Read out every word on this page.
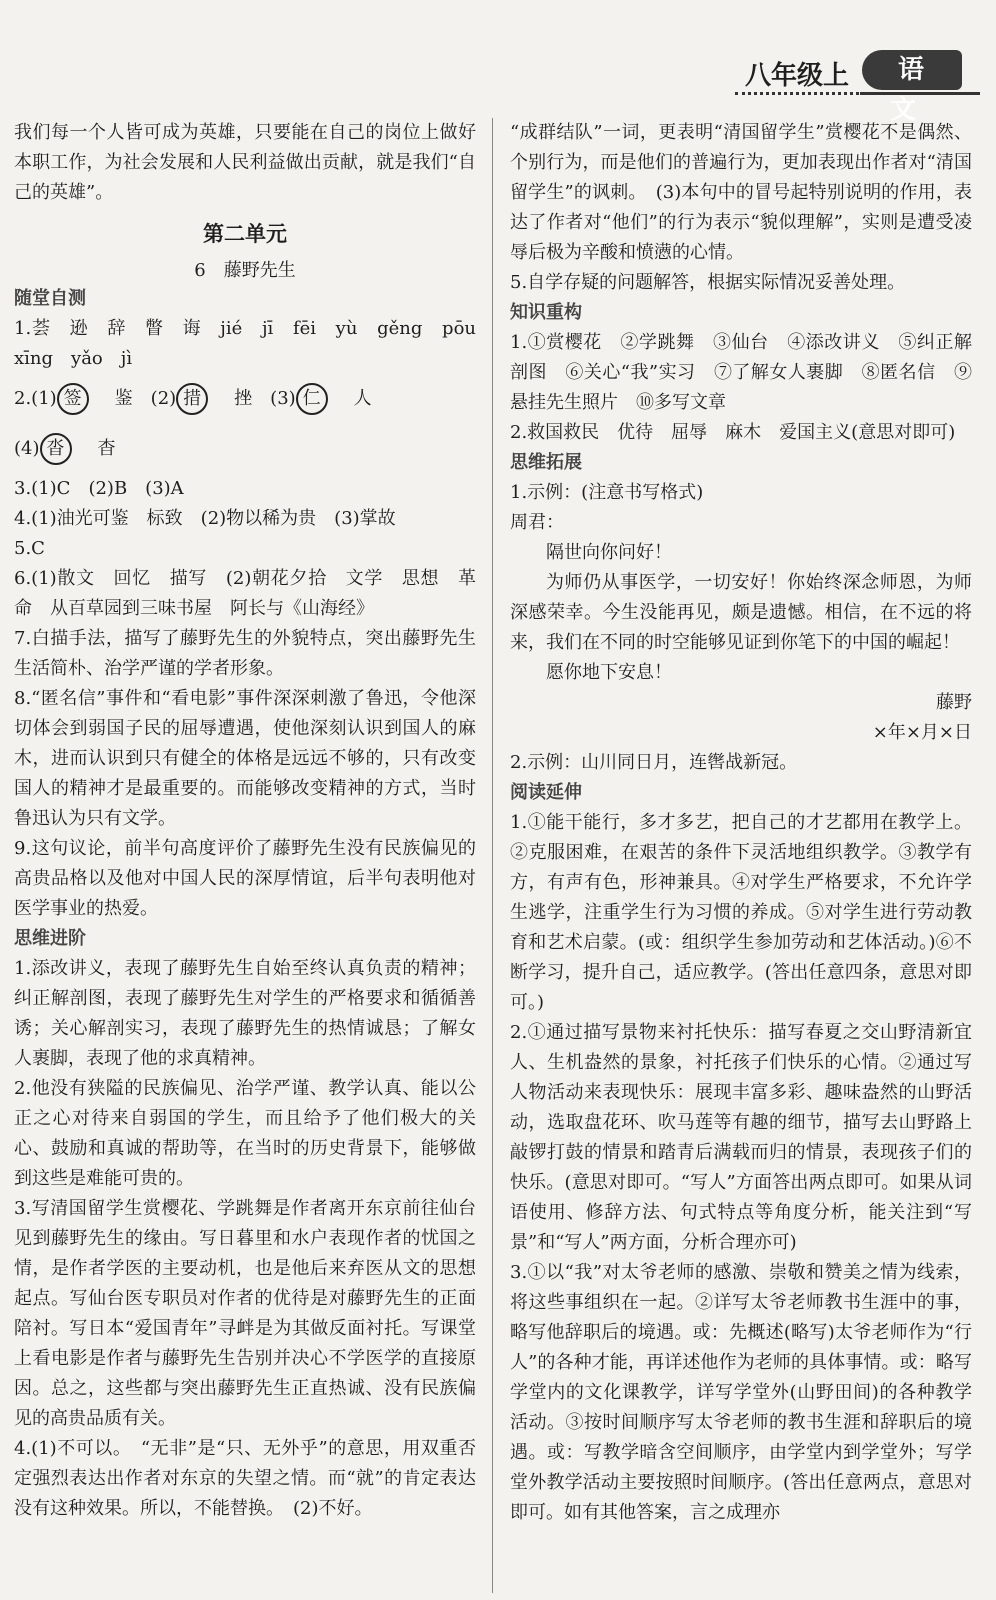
八年级上	语 文

我们每一个人皆可成为英雄，只要能在自己的岗位上做好本职工作，为社会发展和人民利益做出贡献，就是我们“自己的英雄”。

第二单元
6　藤野先生
随堂自测

1.荟　逊　辞　瞥　诲　jié　jī　fēi　yù　gěng　pōu xīng　yǎo　jì

2.(1) 签 鉴　(2) 措 挫　(3) 仁 人

(4) 沓 杳

3.(1)C　(2)B　(3)A

4.(1)油光可鉴　标致　(2)物以稀为贵　(3)掌故

5.C

6.(1)散文　回忆　描写　(2)朝花夕拾　文学　思想　革命　从百草园到三味书屋　阿长与《山海经》

7.白描手法，描写了藤野先生的外貌特点，突出藤野先生生活简朴、治学严谨的学者形象。

8.“匿名信”事件和“看电影”事件深深刺激了鲁迅，令他深切体会到弱国子民的屈辱遭遇，使他深刻认识到国人的麻木，进而认识到只有健全的体格是远远不够的，只有改变国人的精神才是最重要的。而能够改变精神的方式，当时鲁迅认为只有文学。

9.这句议论，前半句高度评价了藤野先生没有民族偏见的高贵品格以及他对中国人民的深厚情谊，后半句表明他对医学事业的热爱。

思维进阶

1.添改讲义，表现了藤野先生自始至终认真负责的精神；纠正解剖图，表现了藤野先生对学生的严格要求和循循善诱；关心解剖实习，表现了藤野先生的热情诚恳；了解女人裹脚，表现了他的求真精神。

2.他没有狭隘的民族偏见、治学严谨、教学认真、能以公正之心对待来自弱国的学生，而且给予了他们极大的关心、鼓励和真诚的帮助等，在当时的历史背景下，能够做到这些是难能可贵的。

3.写清国留学生赏樱花、学跳舞是作者离开东京前往仙台见到藤野先生的缘由。写日暮里和水户表现作者的忧国之情，是作者学医的主要动机，也是他后来弃医从文的思想起点。写仙台医专职员对作者的优待是对藤野先生的正面陪衬。写日本“爱国青年”寻衅是为其做反面衬托。写课堂上看电影是作者与藤野先生告别并决心不学医学的直接原因。总之，这些都与突出藤野先生正直热诚、没有民族偏见的高贵品质有关。

4.(1)不可以。　“无非”是“只、无外乎”的意思，用双重否定强烈表达出作者对东京的失望之情。而“就”的肯定表达没有这种效果。所以，不能替换。　(2)不好。

“成群结队”一词，更表明“清国留学生”赏樱花不是偶然、个别行为，而是他们的普遍行为，更加表现出作者对“清国留学生”的讽刺。　(3)本句中的冒号起特别说明的作用，表达了作者对“他们”的行为表示“貌似理解”，实则是遭受凌辱后极为辛酸和愤懑的心情。

5.自学存疑的问题解答，根据实际情况妥善处理。

知识重构

1.①赏樱花　②学跳舞　③仙台　④添改讲义　⑤纠正解剖图　⑥关心“我”实习　⑦了解女人裹脚　⑧匿名信　⑨悬挂先生照片　⑩多写文章

2.救国救民　优待　屈辱　麻木　爱国主义(意思对即可)

思维拓展

1.示例：(注意书写格式)

周君：

隔世向你问好！

为师仍从事医学，一切安好！你始终深念师恩，为师深感荣幸。今生没能再见，颇是遗憾。相信，在不远的将来，我们在不同的时空能够见证到你笔下的中国的崛起！

愿你地下安息！

藤野

×年×月×日

2.示例：山川同日月，连辔战新冠。

阅读延伸

1.①能干能行，多才多艺，把自己的才艺都用在教学上。②克服困难，在艰苦的条件下灵活地组织教学。③教学有方，有声有色，形神兼具。④对学生严格要求，不允许学生逃学，注重学生行为习惯的养成。⑤对学生进行劳动教育和艺术启蒙。(或：组织学生参加劳动和艺体活动。)⑥不断学习，提升自己，适应教学。(答出任意四条，意思对即可。)

2.①通过描写景物来衬托快乐：描写春夏之交山野清新宜人、生机盎然的景象，衬托孩子们快乐的心情。②通过写人物活动来表现快乐：展现丰富多彩、趣味盎然的山野活动，选取盘花环、吹马莲等有趣的细节，描写去山野路上敲锣打鼓的情景和踏青后满载而归的情景，表现孩子们的快乐。(意思对即可。“写人”方面答出两点即可。如果从词语使用、修辞方法、句式特点等角度分析，能关注到“写景”和“写人”两方面，分析合理亦可)

3.①以“我”对太爷老师的感激、崇敬和赞美之情为线索，将这些事组织在一起。②详写太爷老师教书生涯中的事，略写他辞职后的境遇。或：先概述(略写)太爷老师作为“行人”的各种才能，再详述他作为老师的具体事情。或：略写学堂内的文化课教学，详写学堂外(山野田间)的各种教学活动。③按时间顺序写太爷老师的教书生涯和辞职后的境遇。或：写教学暗含空间顺序，由学堂内到学堂外；写学堂外教学活动主要按照时间顺序。(答出任意两点，意思对即可。如有其他答案，言之成理亦
